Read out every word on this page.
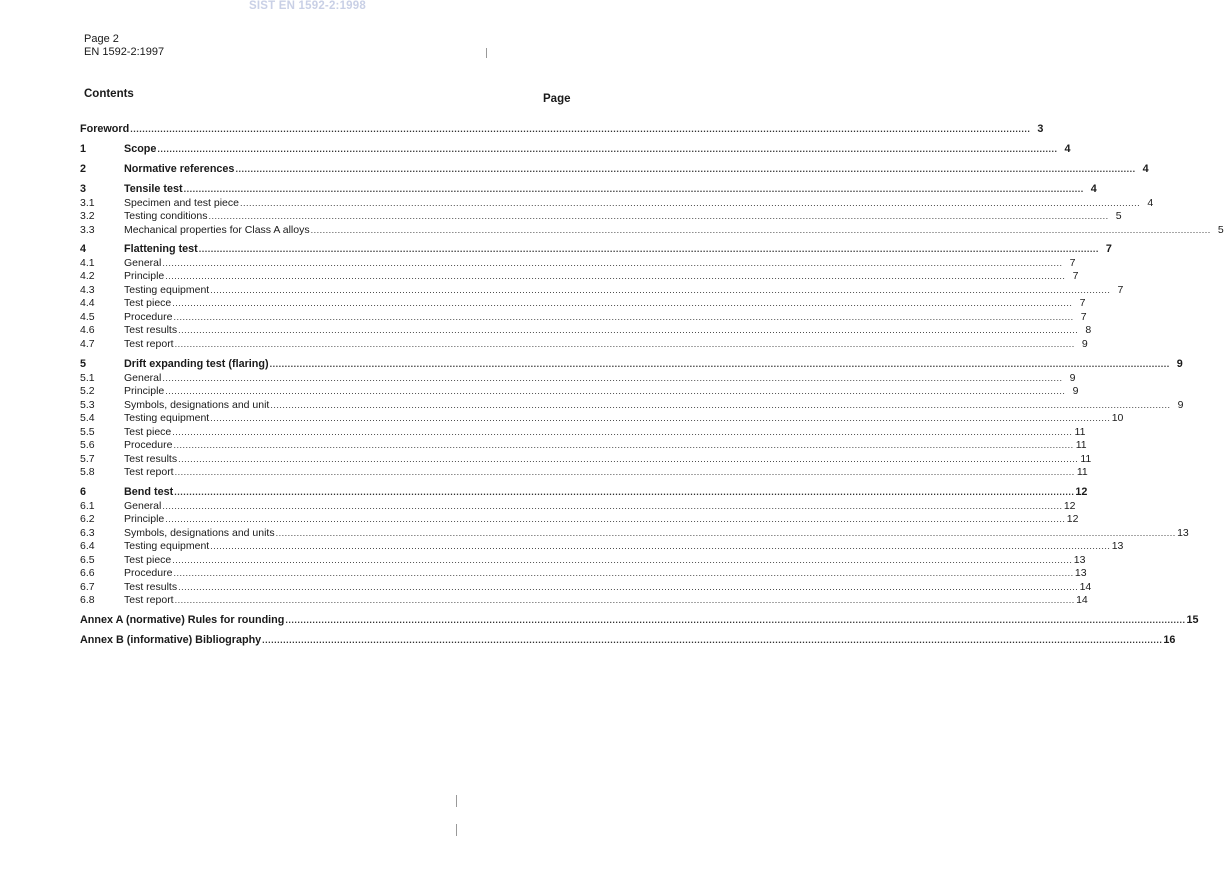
SIST EN 1592-2:1998
Page 2
EN 1592-2:1997
Contents	Page
Foreword ............................................................................................................................................................................................................................................................................................................ 3
1	Scope ............................................................................................................................................................................................................................................................................................................ 4
2	Normative references ............................................................................................................................................................................................................................................................................................................ 4
3	Tensile test ............................................................................................................................................................................................................................................................................................................ 4
3.1	Specimen and test piece ............................................................................................................................................................................................................................................................................................................ 4
3.2	Testing conditions ............................................................................................................................................................................................................................................................................................................ 5
3.3	Mechanical properties for Class A alloys ............................................................................................................................................................................................................................................................................................................ 5
4	Flattening test ............................................................................................................................................................................................................................................................................................................ 7
4.1	General ............................................................................................................................................................................................................................................................................................................ 7
4.2	Principle ............................................................................................................................................................................................................................................................................................................ 7
4.3	Testing equipment ............................................................................................................................................................................................................................................................................................................ 7
4.4	Test piece ............................................................................................................................................................................................................................................................................................................ 7
4.5	Procedure ............................................................................................................................................................................................................................................................................................................ 7
4.6	Test results ............................................................................................................................................................................................................................................................................................................ 8
4.7	Test report ............................................................................................................................................................................................................................................................................................................ 9
5	Drift expanding test (flaring) ............................................................................................................................................................................................................................................................................................................ 9
5.1	General ............................................................................................................................................................................................................................................................................................................ 9
5.2	Principle ............................................................................................................................................................................................................................................................................................................ 9
5.3	Symbols, designations and unit ............................................................................................................................................................................................................................................................................................................ 9
5.4	Testing equipment ............................................................................................................................................................................................................................................................................................................ 10
5.5	Test piece ............................................................................................................................................................................................................................................................................................................ 11
5.6	Procedure ............................................................................................................................................................................................................................................................................................................ 11
5.7	Test results ............................................................................................................................................................................................................................................................................................................ 11
5.8	Test report ............................................................................................................................................................................................................................................................................................................ 11
6	Bend test ............................................................................................................................................................................................................................................................................................................ 12
6.1	General ............................................................................................................................................................................................................................................................................................................ 12
6.2	Principle ............................................................................................................................................................................................................................................................................................................ 12
6.3	Symbols, designations and units ............................................................................................................................................................................................................................................................................................................ 13
6.4	Testing equipment ............................................................................................................................................................................................................................................................................................................ 13
6.5	Test piece ............................................................................................................................................................................................................................................................................................................ 13
6.6	Procedure ............................................................................................................................................................................................................................................................................................................ 13
6.7	Test results ............................................................................................................................................................................................................................................................................................................ 14
6.8	Test report ............................................................................................................................................................................................................................................................................................................ 14
Annex A (normative) Rules for rounding ............................................................................................................................................................................................................................................................................................................ 15
Annex B (informative) Bibliography ............................................................................................................................................................................................................................................................................................................ 16
